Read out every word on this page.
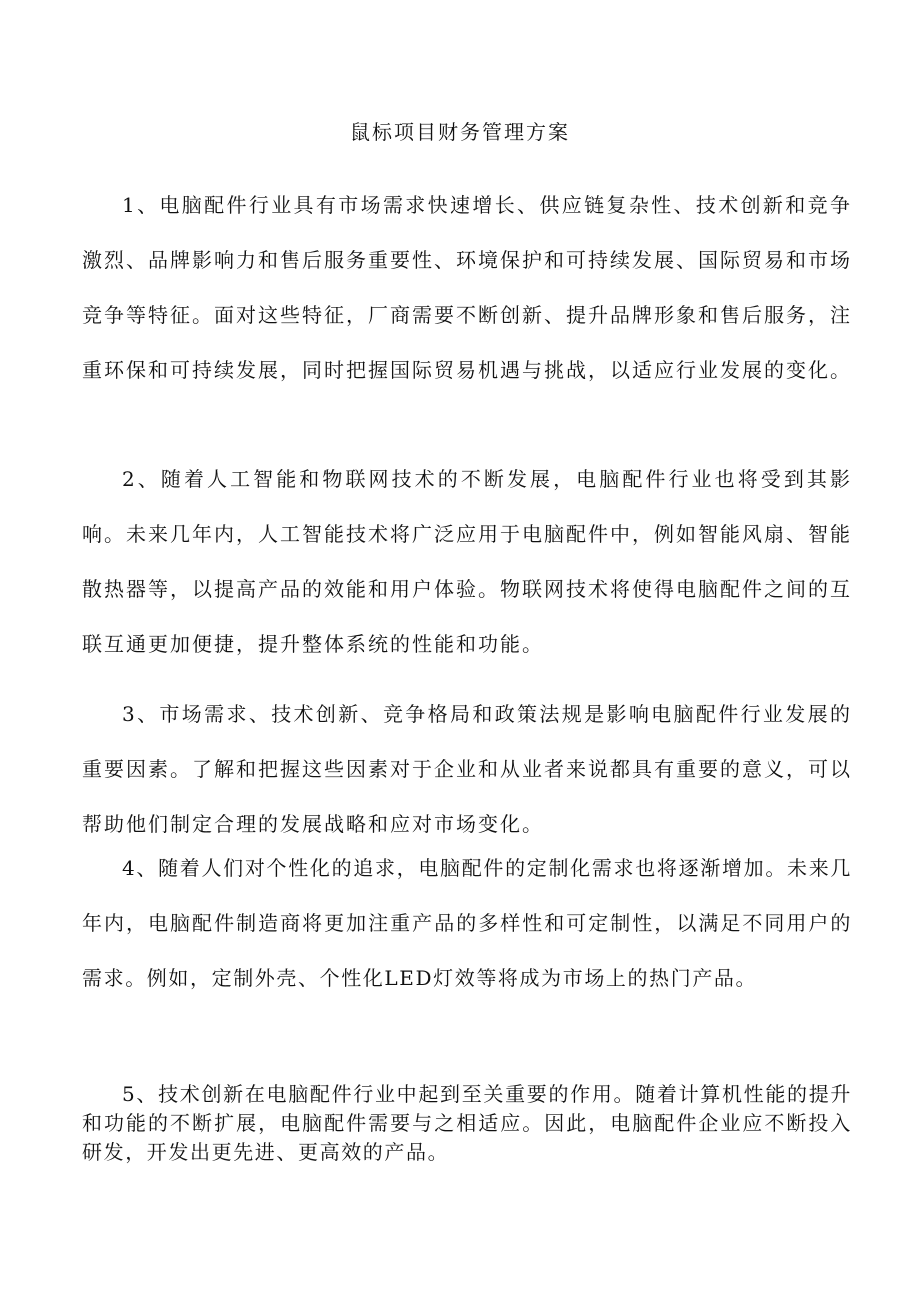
鼠标项目财务管理方案

1、电脑配件行业具有市场需求快速增长、供应链复杂性、技术创新和竞争激烈、品牌影响力和售后服务重要性、环境保护和可持续发展、国际贸易和市场竞争等特征。面对这些特征，厂商需要不断创新、提升品牌形象和售后服务，注重环保和可持续发展，同时把握国际贸易机遇与挑战，以适应行业发展的变化。

2、随着人工智能和物联网技术的不断发展，电脑配件行业也将受到其影响。未来几年内，人工智能技术将广泛应用于电脑配件中，例如智能风扇、智能散热器等，以提高产品的效能和用户体验。物联网技术将使得电脑配件之间的互联互通更加便捷，提升整体系统的性能和功能。

3、市场需求、技术创新、竞争格局和政策法规是影响电脑配件行业发展的重要因素。了解和把握这些因素对于企业和从业者来说都具有重要的意义，可以帮助他们制定合理的发展战略和应对市场变化。

4、随着人们对个性化的追求，电脑配件的定制化需求也将逐渐增加。未来几年内，电脑配件制造商将更加注重产品的多样性和可定制性，以满足不同用户的需求。例如，定制外壳、个性化LED灯效等将成为市场上的热门产品。

5、技术创新在电脑配件行业中起到至关重要的作用。随着计算机性能的提升和功能的不断扩展，电脑配件需要与之相适应。因此，电脑配件企业应不断投入研发，开发出更先进、更高效的产品。
